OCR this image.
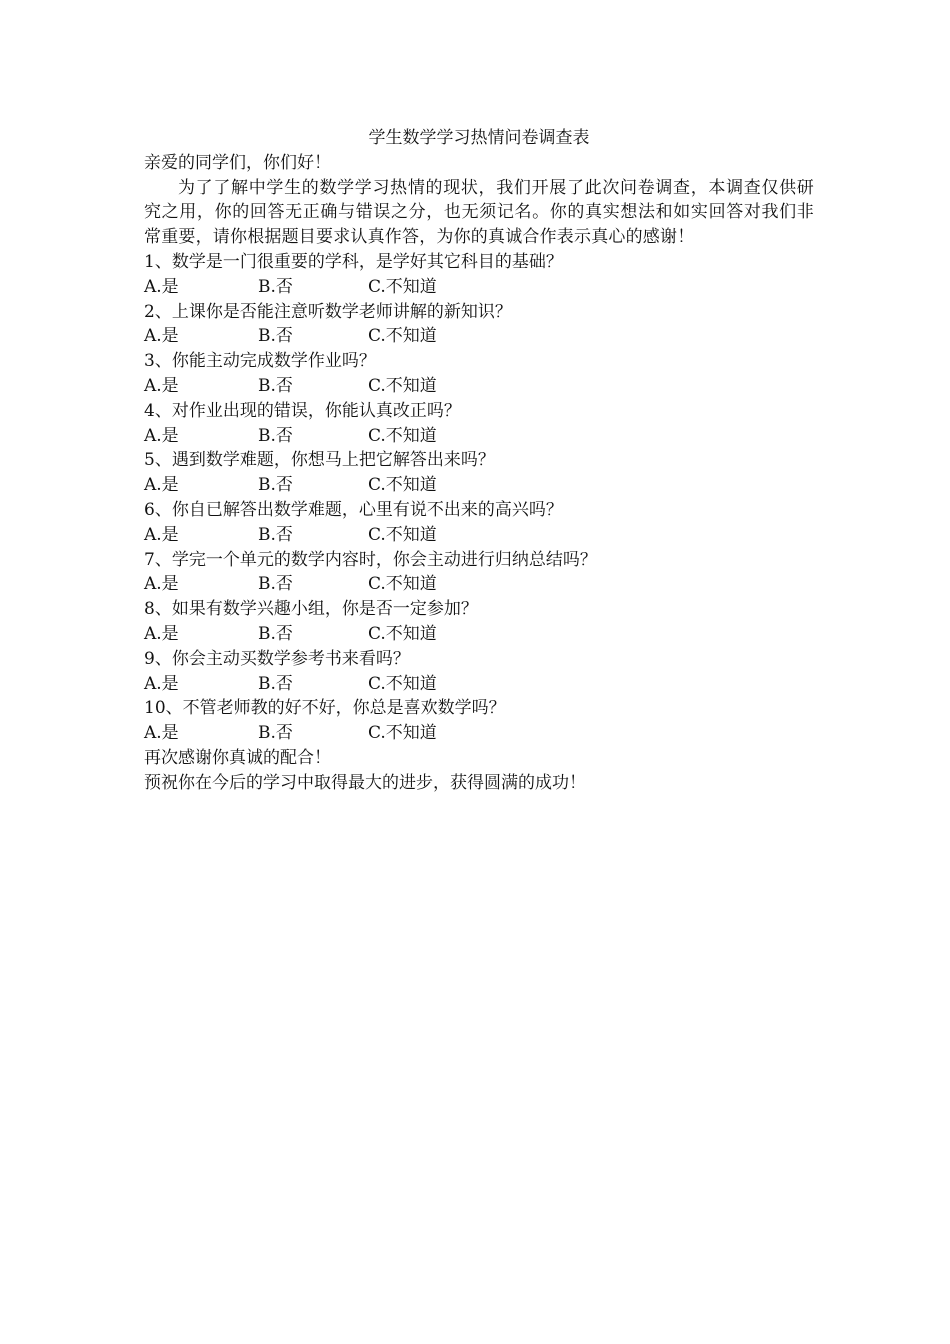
学生数学学习热情问卷调查表

亲爱的同学们，你们好！

为了了解中学生的数学学习热情的现状，我们开展了此次问卷调查，本调查仅供研究之用，你的回答无正确与错误之分，也无须记名。你的真实想法和如实回答对我们非常重要，请你根据题目要求认真作答，为你的真诚合作表示真心的感谢！

1、数学是一门很重要的学科，是学好其它科目的基础？

A.是	B.否	C.不知道

2、上课你是否能注意听数学老师讲解的新知识？

A.是	B.否	C.不知道

3、你能主动完成数学作业吗？

A.是	B.否	C.不知道

4、对作业出现的错误，你能认真改正吗？

A.是	B.否	C.不知道

5、遇到数学难题，你想马上把它解答出来吗？

A.是	B.否	C.不知道

6、你自已解答出数学难题，心里有说不出来的高兴吗？

A.是	B.否	C.不知道

7、学完一个单元的数学内容时，你会主动进行归纳总结吗？

A.是	B.否	C.不知道

8、如果有数学兴趣小组，你是否一定参加？

A.是	B.否	C.不知道

9、你会主动买数学参考书来看吗？

A.是	B.否	C.不知道

10、不管老师教的好不好，你总是喜欢数学吗？

A.是	B.否	C.不知道

再次感谢你真诚的配合！

预祝你在今后的学习中取得最大的进步，获得圆满的成功！
